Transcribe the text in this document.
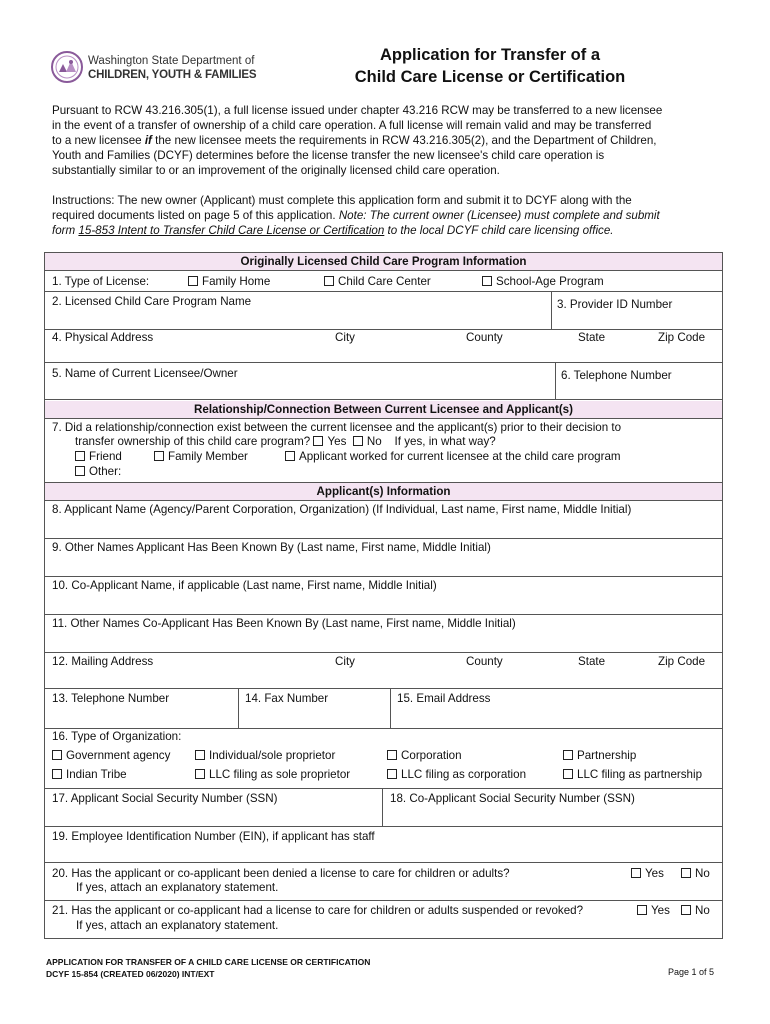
Washington State Department of
CHILDREN, YOUTH & FAMILIES
Application for Transfer of a
Child Care License or Certification
Pursuant to RCW 43.216.305(1), a full license issued under chapter 43.216 RCW may be transferred to a new licensee
in the event of a transfer of ownership of a child care operation. A full license will remain valid and may be transferred
to a new licensee if the new licensee meets the requirements in RCW 43.216.305(2), and the Department of Children,
Youth and Families (DCYF) determines before the license transfer the new licensee's child care operation is
substantially similar to or an improvement of the originally licensed child care operation.
Instructions: The new owner (Applicant) must complete this application form and submit it to DCYF along with the
required documents listed on page 5 of this application. Note: The current owner (Licensee) must complete and submit
form 15-853 Intent to Transfer Child Care License or Certification to the local DCYF child care licensing office.
Originally Licensed Child Care Program Information
1. Type of License:	Family Home	Child Care Center	School-Age Program
2. Licensed Child Care Program Name	3. Provider ID Number
4. Physical Address	City	County	State	Zip Code
5. Name of Current Licensee/Owner	6. Telephone Number
Relationship/Connection Between Current Licensee and Applicant(s)
7. Did a relationship/connection exist between the current licensee and the applicant(s) prior to their decision to
transfer ownership of this child care program? Yes No If yes, in what way?
Friend	Family Member	Applicant worked for current licensee at the child care program
Other:
Applicant(s) Information
8. Applicant Name (Agency/Parent Corporation, Organization) (If Individual, Last name, First name, Middle Initial)
9. Other Names Applicant Has Been Known By (Last name, First name, Middle Initial)
10. Co-Applicant Name, if applicable (Last name, First name, Middle Initial)
11. Other Names Co-Applicant Has Been Known By (Last name, First name, Middle Initial)
12. Mailing Address	City	County	State	Zip Code
13. Telephone Number	14. Fax Number	15. Email Address
16. Type of Organization:
Government agency	Individual/sole proprietor	Corporation	Partnership
Indian Tribe	LLC filing as sole proprietor	LLC filing as corporation	LLC filing as partnership
17. Applicant Social Security Number (SSN)	18. Co-Applicant Social Security Number (SSN)
19. Employee Identification Number (EIN), if applicant has staff
20. Has the applicant or co-applicant been denied a license to care for children or adults?
If yes, attach an explanatory statement.
Yes	No
21. Has the applicant or co-applicant had a license to care for children or adults suspended or revoked?
If yes, attach an explanatory statement.
Yes	No
APPLICATION FOR TRANSFER OF A CHILD CARE LICENSE OR CERTIFICATION
DCYF 15-854 (CREATED 06/2020) INT/EXT	Page 1 of 5
